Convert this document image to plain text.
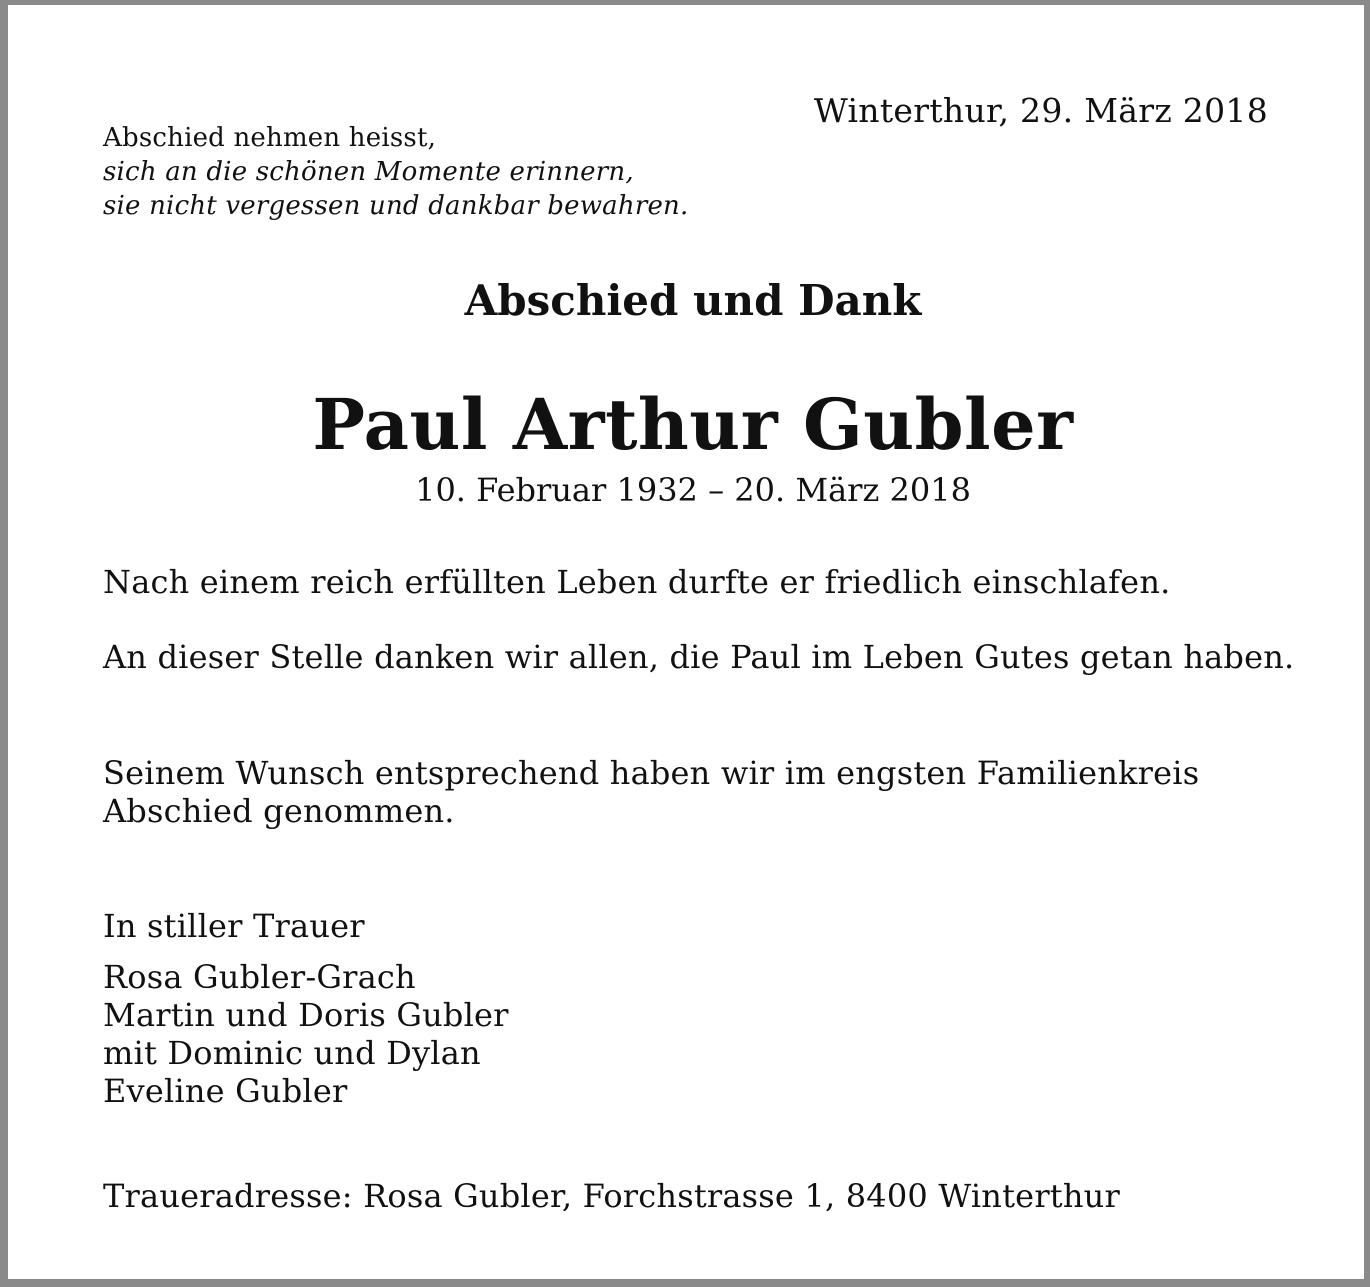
Winterthur, 29. März 2018

Abschied nehmen heisst,
sich an die schönen Momente erinnern,
sie nicht vergessen und dankbar bewahren.
Abschied und Dank
Paul Arthur Gubler

10. Februar 1932 – 20. März 2018

Nach einem reich erfüllten Leben durfte er friedlich einschlafen.

An dieser Stelle danken wir allen, die Paul im Leben Gutes getan haben.

Seinem Wunsch entsprechend haben wir im engsten Familienkreis
Abschied genommen.

In stiller Trauer

Rosa Gubler-Grach
Martin und Doris Gubler
mit Dominic und Dylan
Eveline Gubler

Traueradresse: Rosa Gubler, Forchstrasse 1, 8400 Winterthur
